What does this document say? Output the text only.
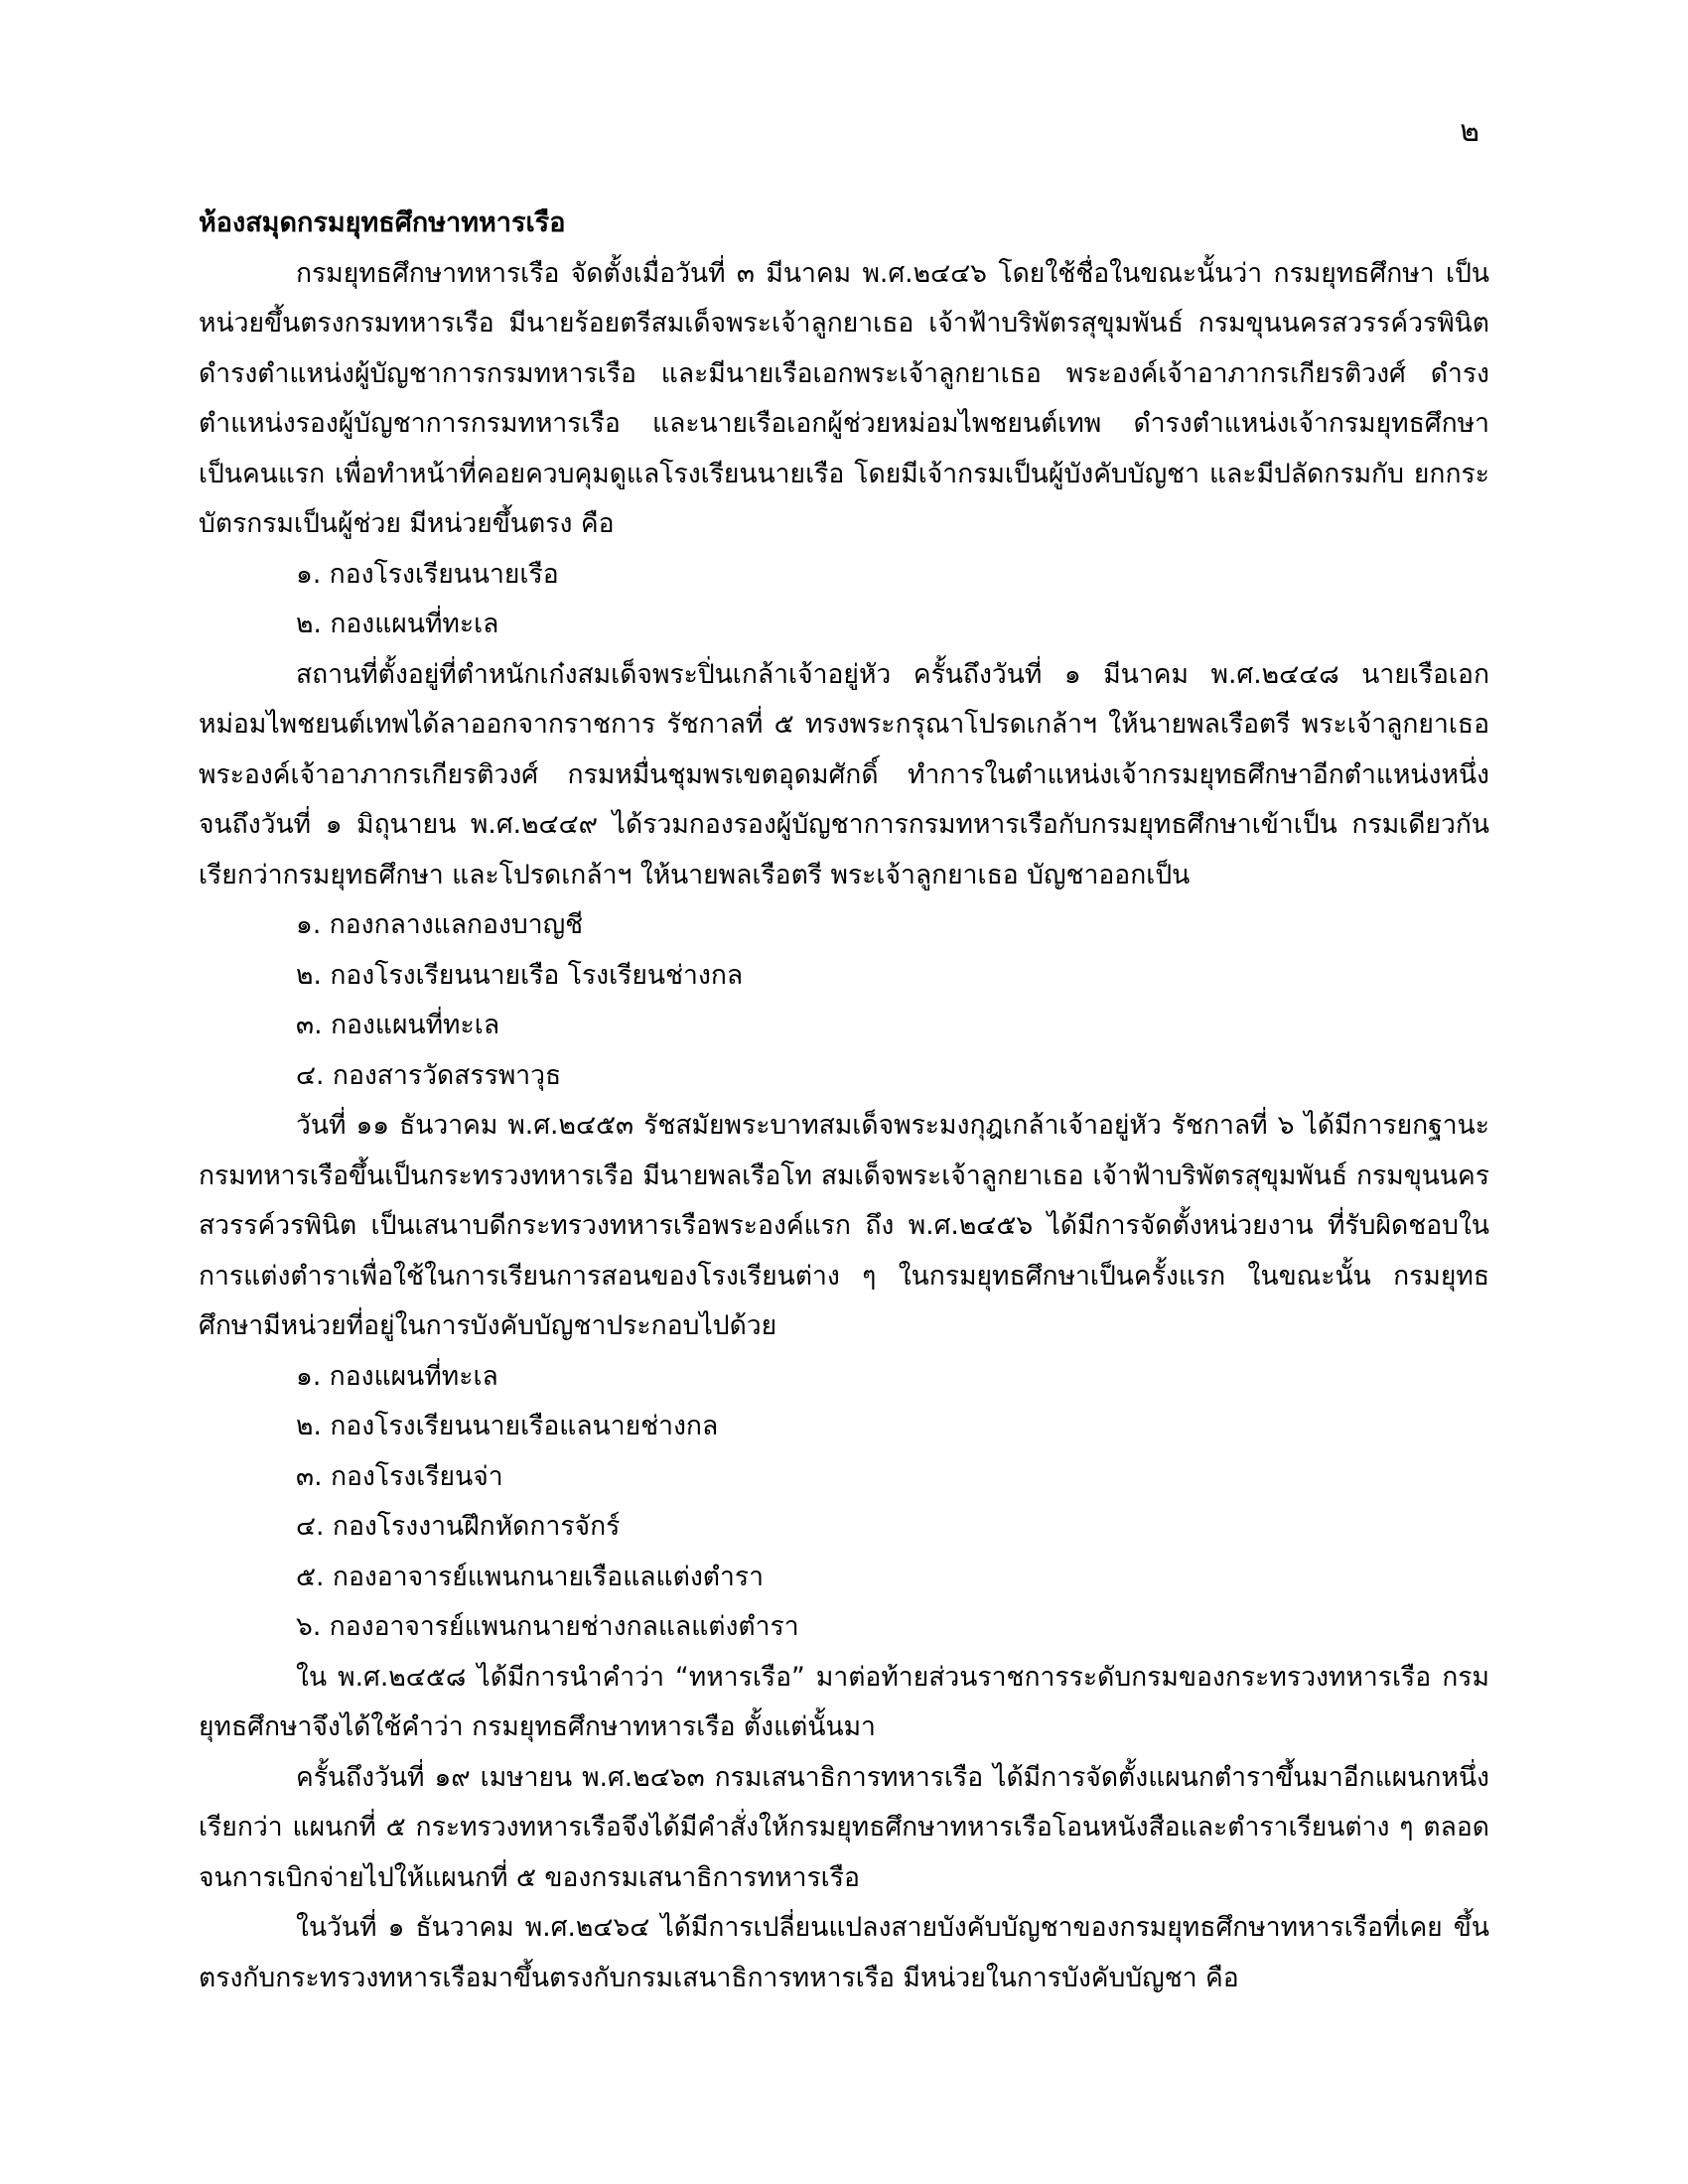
๒
ห้องสมุดกรมยุทธศึกษาทหารเรือ

กรมยุทธศึกษาทหารเรือ จัดตั้งเมื่อวันที่ ๓ มีนาคม พ.ศ.๒๔๔๖ โดยใช้ชื่อในขณะนั้นว่า กรมยุทธศึกษา เป็นหน่วยขึ้นตรงกรมทหารเรือ มีนายร้อยตรีสมเด็จพระเจ้าลูกยาเธอ เจ้าฟ้าบริพัตรสุขุมพันธ์ กรมขุนนครสวรรค์วรพินิต ดำรงตำแหน่งผู้บัญชาการกรมทหารเรือ และมีนายเรือเอกพระเจ้าลูกยาเธอ พระองค์เจ้าอาภากรเกียรติวงศ์ ดำรงตำแหน่งรองผู้บัญชาการกรมทหารเรือ และนายเรือเอกผู้ช่วยหม่อมไพชยนต์เทพ ดำรงตำแหน่งเจ้ากรมยุทธศึกษา เป็นคนแรก เพื่อทำหน้าที่คอยควบคุมดูแลโรงเรียนนายเรือ โดยมีเจ้ากรมเป็นผู้บังคับบัญชา และมีปลัดกรมกับ ยกกระบัตรกรมเป็นผู้ช่วย มีหน่วยขึ้นตรง คือ

๑. กองโรงเรียนนายเรือ
๒. กองแผนที่ทะเล

สถานที่ตั้งอยู่ที่ตำหนักเก๋งสมเด็จพระปิ่นเกล้าเจ้าอยู่หัว ครั้นถึงวันที่ ๑ มีนาคม พ.ศ.๒๔๔๘ นายเรือเอก หม่อมไพชยนต์เทพได้ลาออกจากราชการ รัชกาลที่ ๕ ทรงพระกรุณาโปรดเกล้าฯ ให้นายพลเรือตรี พระเจ้าลูกยาเธอ พระองค์เจ้าอาภากรเกียรติวงศ์ กรมหมื่นชุมพรเขตอุดมศักดิ์ ทำการในตำแหน่งเจ้ากรมยุทธศึกษาอีกตำแหน่งหนึ่ง จนถึงวันที่ ๑ มิถุนายน พ.ศ.๒๔๔๙ ได้รวมกองรองผู้บัญชาการกรมทหารเรือกับกรมยุทธศึกษาเข้าเป็น กรมเดียวกันเรียกว่ากรมยุทธศึกษา และโปรดเกล้าฯ ให้นายพลเรือตรี พระเจ้าลูกยาเธอ บัญชาออกเป็น

๑. กองกลางแลกองบาญชี
๒. กองโรงเรียนนายเรือ โรงเรียนช่างกล
๓. กองแผนที่ทะเล
๔. กองสารวัดสรรพาวุธ

วันที่ ๑๑ ธันวาคม พ.ศ.๒๔๕๓ รัชสมัยพระบาทสมเด็จพระมงกุฎเกล้าเจ้าอยู่หัว รัชกาลที่ ๖ ได้มีการยกฐานะ กรมทหารเรือขึ้นเป็นกระทรวงทหารเรือ มีนายพลเรือโท สมเด็จพระเจ้าลูกยาเธอ เจ้าฟ้าบริพัตรสุขุมพันธ์ กรมขุนนครสวรรค์วรพินิต เป็นเสนาบดีกระทรวงทหารเรือพระองค์แรก ถึง พ.ศ.๒๔๕๖ ได้มีการจัดตั้งหน่วยงาน ที่รับผิดชอบในการแต่งตำราเพื่อใช้ในการเรียนการสอนของโรงเรียนต่าง ๆ ในกรมยุทธศึกษาเป็นครั้งแรก ในขณะนั้น กรมยุทธศึกษามีหน่วยที่อยู่ในการบังคับบัญชาประกอบไปด้วย

๑. กองแผนที่ทะเล
๒. กองโรงเรียนนายเรือแลนายช่างกล
๓. กองโรงเรียนจ่า
๔. กองโรงงานฝึกหัดการจักร์
๕. กองอาจารย์แพนกนายเรือแลแต่งตำรา
๖. กองอาจารย์แพนกนายช่างกลแลแต่งตำรา

ใน พ.ศ.๒๔๕๘ ได้มีการนำคำว่า “ทหารเรือ” มาต่อท้ายส่วนราชการระดับกรมของกระทรวงทหารเรือ กรมยุทธศึกษาจึงได้ใช้คำว่า กรมยุทธศึกษาทหารเรือ ตั้งแต่นั้นมา

ครั้นถึงวันที่ ๑๙ เมษายน พ.ศ.๒๔๖๓ กรมเสนาธิการทหารเรือ ได้มีการจัดตั้งแผนกตำราขึ้นมาอีกแผนกหนึ่ง เรียกว่า แผนกที่ ๕ กระทรวงทหารเรือจึงได้มีคำสั่งให้กรมยุทธศึกษาทหารเรือโอนหนังสือและตำราเรียนต่าง ๆ ตลอดจนการเบิกจ่ายไปให้แผนกที่ ๕ ของกรมเสนาธิการทหารเรือ

ในวันที่ ๑ ธันวาคม พ.ศ.๒๔๖๔ ได้มีการเปลี่ยนแปลงสายบังคับบัญชาของกรมยุทธศึกษาทหารเรือที่เคย ขึ้นตรงกับกระทรวงทหารเรือมาขึ้นตรงกับกรมเสนาธิการทหารเรือ มีหน่วยในการบังคับบัญชา คือ
